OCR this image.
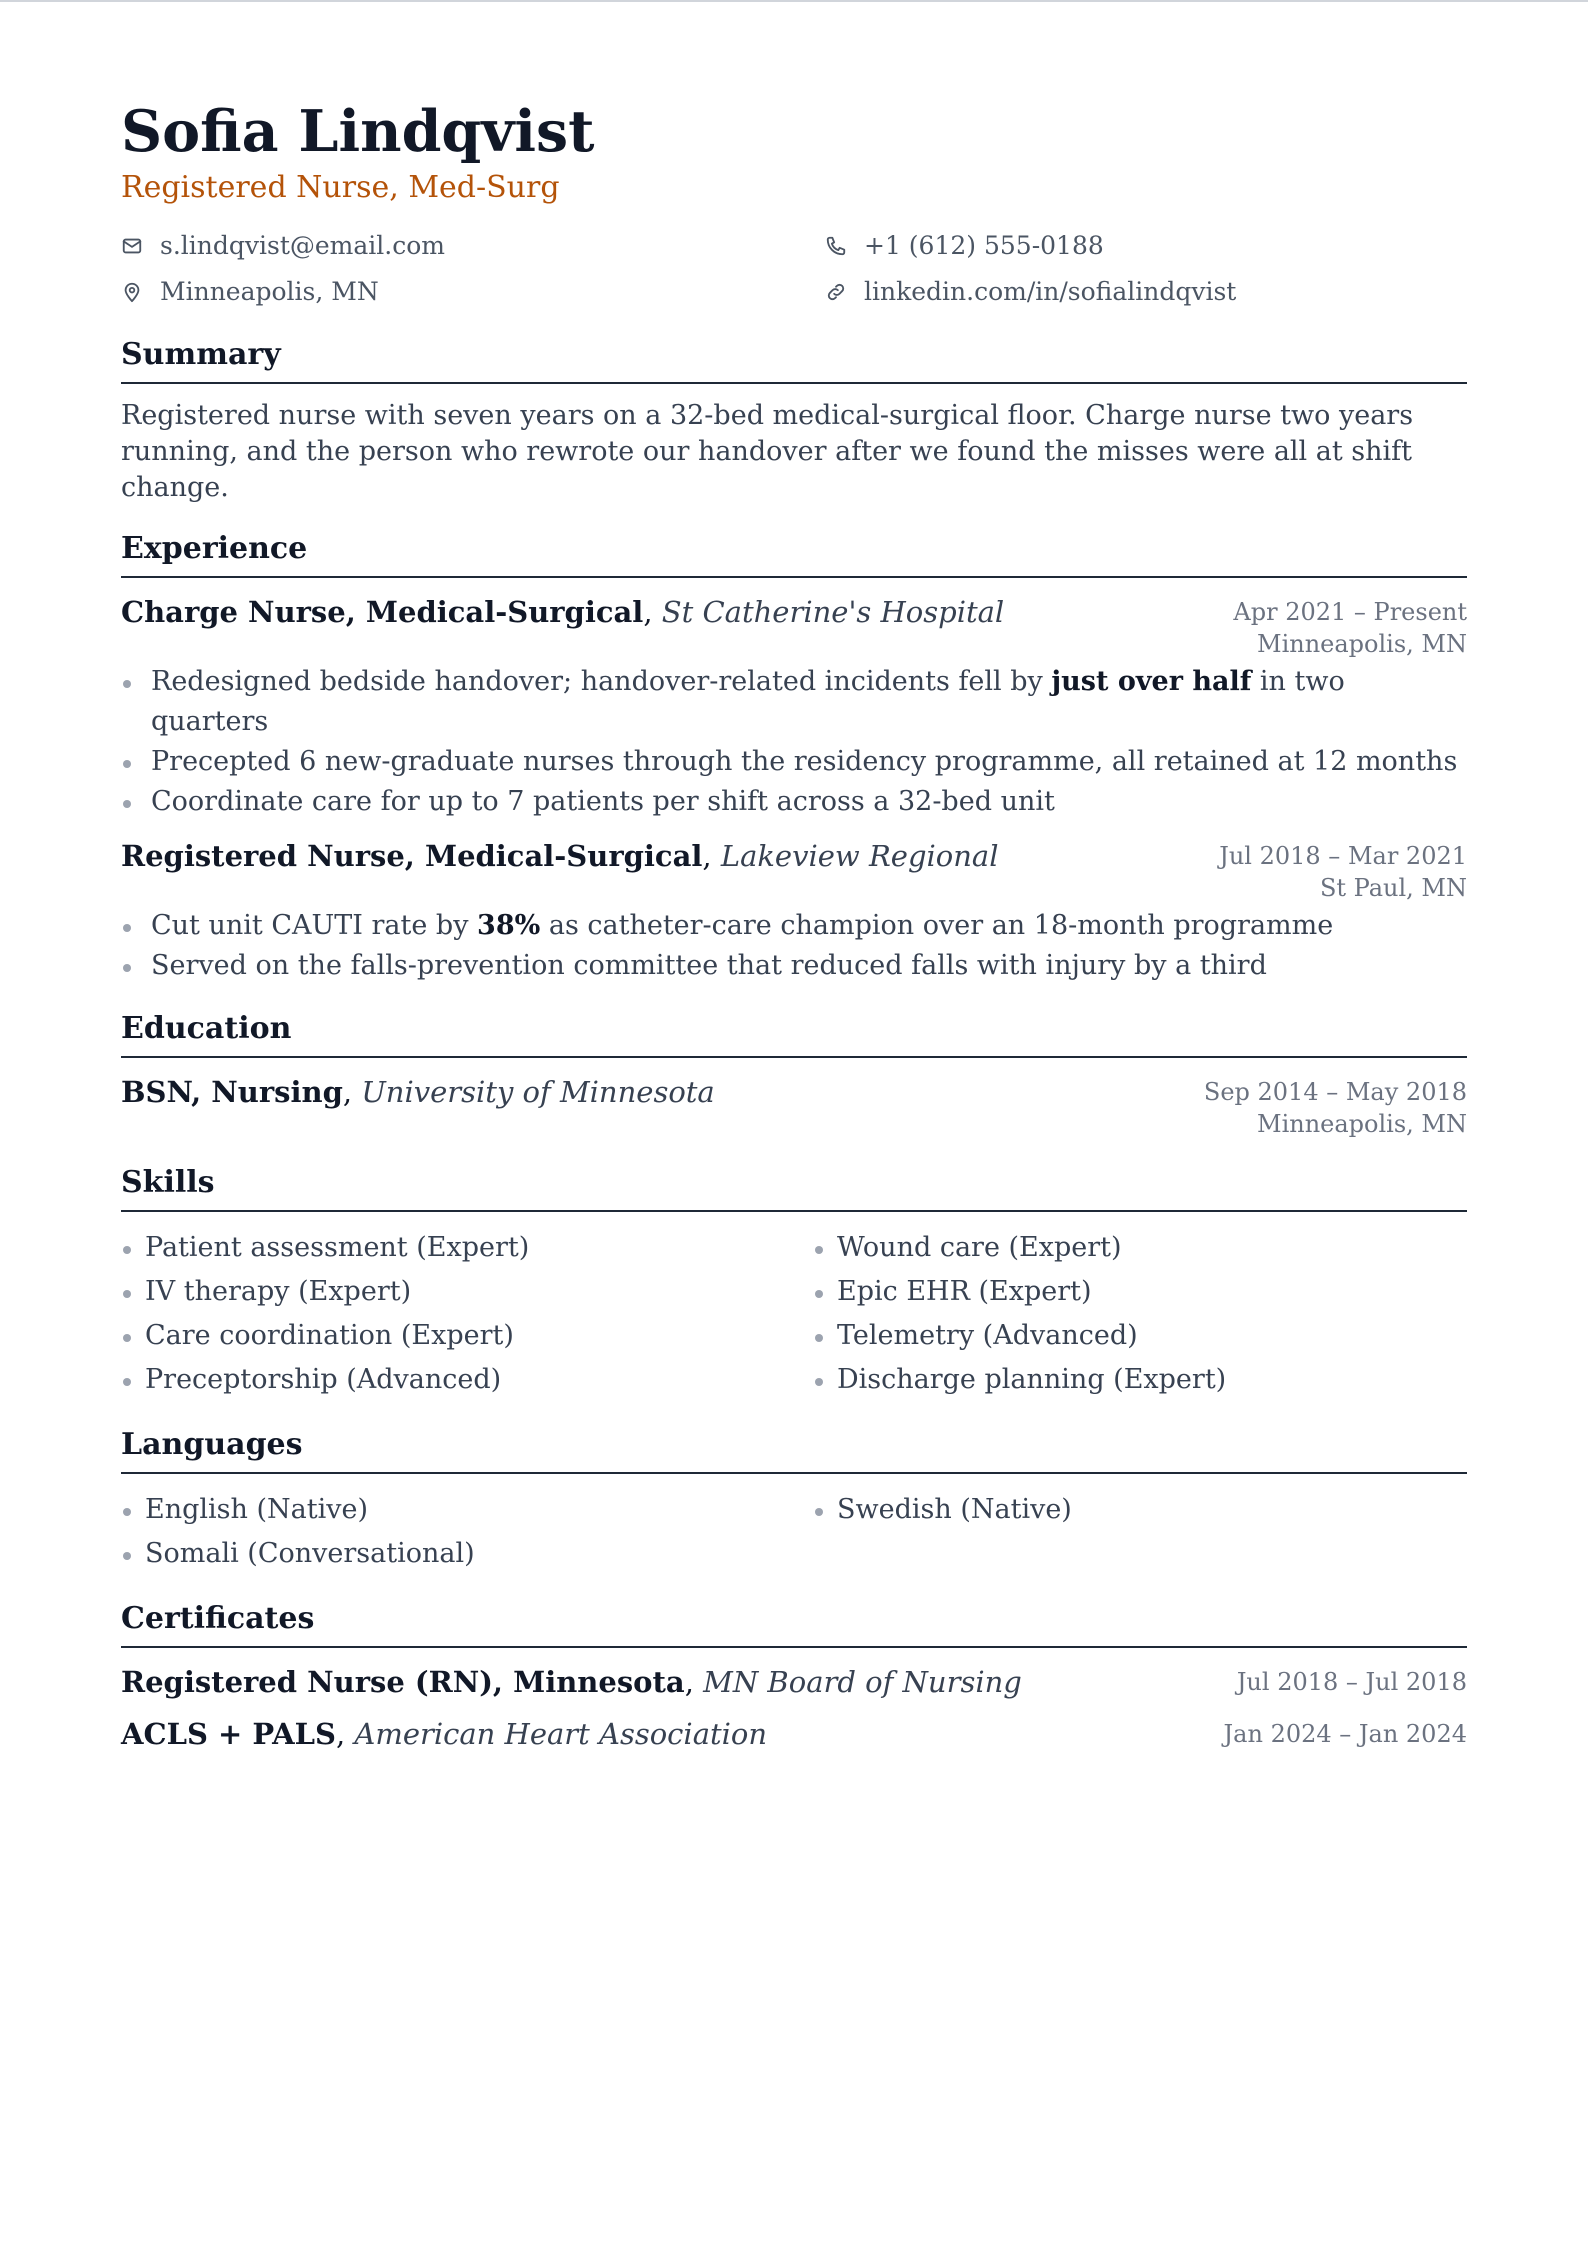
Sofia Lindqvist
Registered Nurse, Med-Surg
s.lindqvist@email.com	+1 (612) 555-0188
Minneapolis, MN	linkedin.com/in/sofialindqvist
Summary
Registered nurse with seven years on a 32-bed medical-surgical floor. Charge nurse two years running, and the person who rewrote our handover after we found the misses were all at shift change.
Experience
Charge Nurse, Medical-Surgical, St Catherine's Hospital	Apr 2021 – Present
Minneapolis, MN
Redesigned bedside handover; handover-related incidents fell by just over half in two quarters
Precepted 6 new-graduate nurses through the residency programme, all retained at 12 months
Coordinate care for up to 7 patients per shift across a 32-bed unit
Registered Nurse, Medical-Surgical, Lakeview Regional	Jul 2018 – Mar 2021
St Paul, MN
Cut unit CAUTI rate by 38% as catheter-care champion over an 18-month programme
Served on the falls-prevention committee that reduced falls with injury by a third
Education
BSN, Nursing, University of Minnesota	Sep 2014 – May 2018
Minneapolis, MN
Skills
Patient assessment (Expert)	Wound care (Expert)
IV therapy (Expert)	Epic EHR (Expert)
Care coordination (Expert)	Telemetry (Advanced)
Preceptorship (Advanced)	Discharge planning (Expert)
Languages
English (Native)	Swedish (Native)
Somali (Conversational)
Certificates
Registered Nurse (RN), Minnesota, MN Board of Nursing	Jul 2018 – Jul 2018
ACLS + PALS, American Heart Association	Jan 2024 – Jan 2024
